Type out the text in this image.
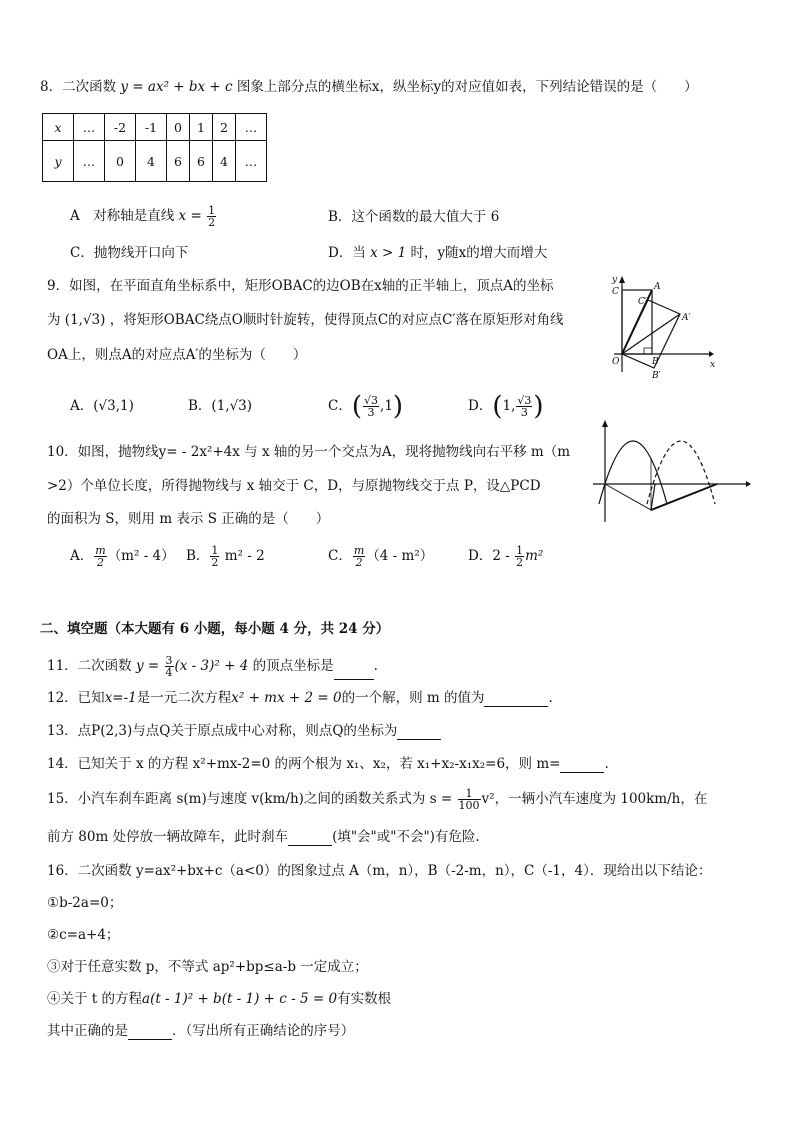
8．二次函数 y = ax² + bx + c 图象上部分点的横坐标x，纵坐标y的对应值如表，下列结论错误的是（　　）
x	…	-2	-1	0	1	2	…
y	…	0	4	6	6	4	…
A　对称轴是直线 $x = \frac{1}{2}$	B．这个函数的最大值大于 6
C．抛物线开口向下	D．当 x > 1 时，y随x的增大而增大
9．如图，在平面直角坐标系中，矩形OBAC的边OB在x轴的正半轴上，顶点A的坐标
为 (1,√3) ，将矩形OBAC绕点O顺时针旋转，使得顶点C的对应点C′落在原矩形对角线
OA上，则点A的对应点A′的坐标为（　　）
A．(√3,1)	B．(1,√3)	C．( $\frac{√3}{3} ,1$)	D．(1, $\frac{√3}{3}$ )
y
x
O
A
A′
C′
C
B
B′
10．如图，抛物线y= - 2x²+4x 与 x 轴的另一个交点为A，现将抛物线向右平移 m（m
>2）个单位长度，所得抛物线与 x 轴交于 C，D，与原抛物线交于点 P，设△PCD
的面积为 S，则用 m 表示 S 正确的是（　　）
A． $\frac{m}{2} (m^2 - 4)$ B． $\frac{1}{2} m^2 - 2$	C． $\frac{m}{2} (4 - m^2)$	D．$2 - \frac{1}{2} m^2$
二、填空题（本大题有 6 小题，每小题 4 分，共 24 分）
11．二次函数 $y = \frac{3}{4} (x - 3)^2 + 4$ 的顶点坐标是	.
12．已知x=-1是一元二次方程x² + mx + 2 = 0的一个解，则 m 的值为	.
13．点P(2,3)与点Q关于原点成中心对称，则点Q的坐标为
14．已知关于 x 的方程 x²+mx-2=0 的两个根为 x₁、x₂，若 x₁+x₂-x₁x₂=6，则 m=	.
15．小汽车刹车距离 s(m)与速度 v(km/h)之间的函数关系式为 $s = \frac{1}{100} v^2$，一辆小汽车速度为 100km/h，在
前方 80m 处停放一辆故障车，此时刹车	(填"会"或"不会")有危险.
16．二次函数 y=ax²+bx+c（a<0）的图象过点 A（m，n），B（-2-m，n），C（-1，4）．现给出以下结论：
①b-2a=0；
②c=a+4；
③对于任意实数 p，不等式 ap²+bp≤a-b 一定成立；
④关于 t 的方程a(t - 1)² + b(t - 1) + c - 5 = 0有实数根
其中正确的是	．（写出所有正确结论的序号）
